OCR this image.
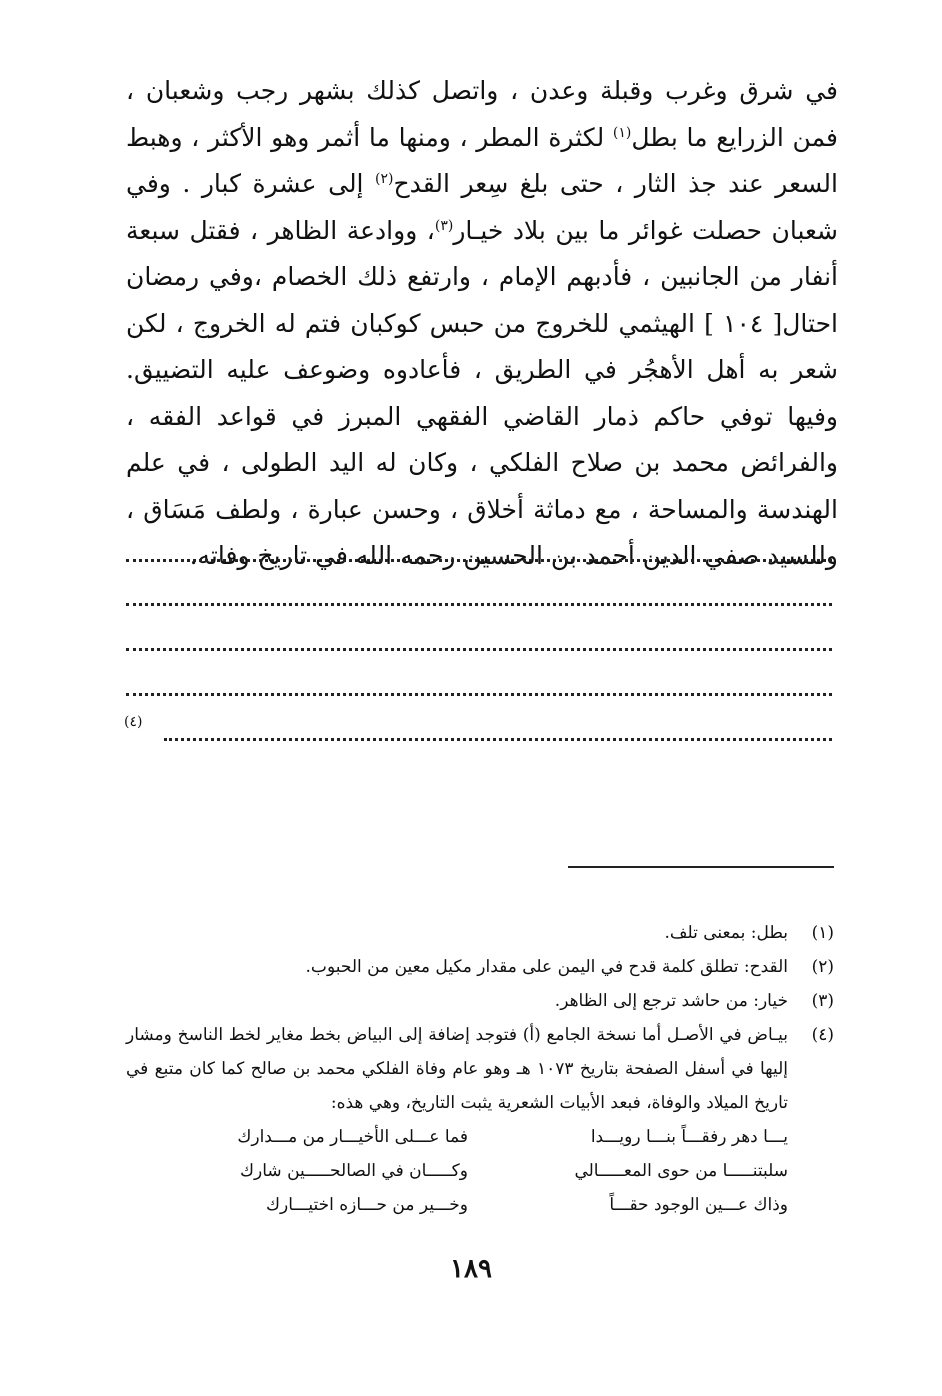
في شرق وغرب وقبلة وعدن ، واتصل كذلك بشهر رجب وشعبان ، فمن الزرايع ما بطل$^{(١)}$ لكثرة المطر ، ومنها ما أثمر وهو الأكثر ، وهبط السعر عند جذ الثار ، حتى بلغ سِعر القدح$^{(٢)}$ إلى عشرة كبار . وفي شعبان حصلت غوائر ما بين بلاد خيـار$^{(٣)}$، ووادعة الظاهر ، فقتل سبعة أنفار من الجانبين ، فأدبهم الإمام ، وارتفع ذلك الخصام ،وفي رمضان احتال[ ١٠٤ ] الهيثمي للخروج من حبس كوكبان فتم له الخروج ، لكن شعر به أهل الأهجُر في الطريق ، فأعادوه وضوعف عليه التضييق. وفيها توفي حاكم ذمار القاضي الفقهي المبرز في قواعد الفقه ، والفرائض محمد بن صلاح الفلكي ، وكان له اليد الطولى ، في علم الهندسة والمساحة ، مع دماثة أخلاق ، وحسن عبارة ، ولطف مَسَاق ، وللسيد صفي الدين أحمد بن الحسين رحمه الله في تاريخ وفاته.

(٤)
(١)
بطل: بمعنى تلف.
(٢)
القدح: تطلق كلمة قدح في اليمن على مقدار مكيل معين من الحبوب.
(٣)
خيار: من حاشد ترجع إلى الظاهر.
(٤)
بيـاض في الأصـل أما نسخة الجامع (أ) فتوجد إضافة إلى البياض بخط مغاير لخط الناسخ ومشار إليها في أسفل الصفحة بتاريخ ١٠٧٣ هـ وهو عام وفاة الفلكي محمد بن صالح كما كان متبع في تاريخ الميلاد والوفاة، فبعد الأبيات الشعرية يثبت التاريخ، وهي هذه:
يـــا دهر رفقـــاً بنـــا رويـــدا
فما عـــلى الأخيـــار من مـــدارك
سلبتنـــــا من حوى المعـــــالي
وكـــــان في الصالحـــــين شارك
وذاك عـــين الوجود حقـــاً
وخـــير من حـــازه اختيـــارك
١٨٩
